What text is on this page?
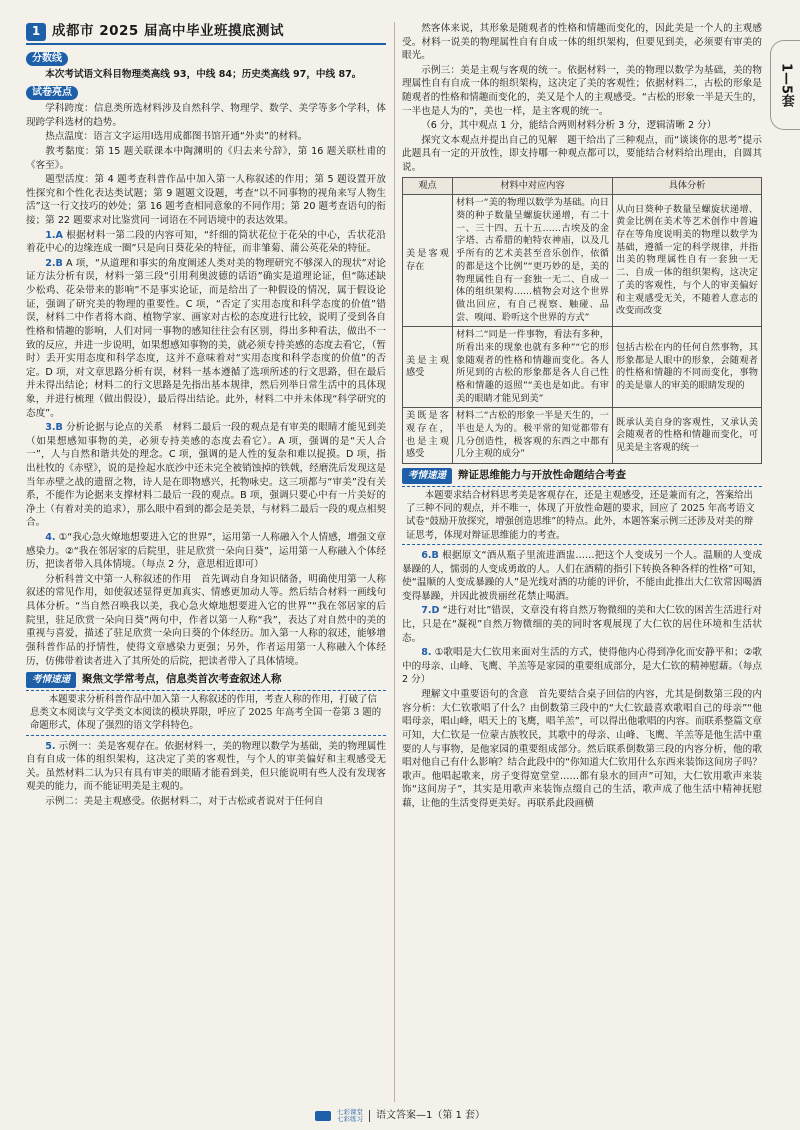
1 成都市 2025 届高中毕业班摸底测试
分数线

本次考试语文科目物理类高线 93，中线 84；历史类高线 97，中线 87。

试卷亮点

学科跨度：信息类所选材料涉及自然科学、物理学、数学、美学等多个学科，体现跨学科选材的趋势。

热点温度：语言文字运用Ⅰ选用成都图书馆开通“外卖”的材料。

教考黏度：第 15 题关联课本中陶渊明的《归去来兮辞》，第 16 题关联杜甫的《客至》。

题型活度：第 4 题考查科普作品中加入第一人称叙述的作用；第 5 题设置开放性探究和个性化表达类试题；第 9 题题文设题，考查“以不同事物的视角来写人物生活”这一行文技巧的妙处；第 16 题考查相同意象的不同作用；第 20 题考查语句的衔接；第 22 题要求对比鉴赏同一词语在不同语境中的表达效果。

1.A 根据材料一第二段的内容可知，“纤细的筒状花位于花朵的中心，舌状花沿着花中心的边缘连成一圈”只是向日葵花朵的特征，而非雏菊、蒲公英花朵的特征。

2.B A 项，“从道理和事实的角度阐述人类对美的物理研究不够深入的现状”对论证方法分析有误，材料一第三段“引用利奥波德的话语”确实是道理论证，但“陈述缺少松鸡、花朵带来的影响”不是事实论证，而是给出了一种假设的情况，属于假设论证，强调了研究美的物理的重要性。C 项，“否定了实用态度和科学态度的价值”错误，材料二中作者将木商、植物学家、画家对古松的态度进行比较，说明了受到各自性格和情趣的影响，人们对同一事物的感知往往会有区别，得出多种看法，做出不一致的反应，并进一步说明，如果想感知事物的美，就必须专持美感的态度去看它，（暂时）丢开实用态度和科学态度，这并不意味着对“实用态度和科学态度的价值”的否定。D 项，对文章思路分析有误，材料一基本遵循了选项所述的行文思路，但在最后并未得出结论；材料二的行文思路是先指出基本规律，然后列举日常生活中的具体现象，并进行梳理（做出假设），最后得出结论。此外，材料二中并未体现“科学研究的态度”。

3.B 分析论据与论点的关系　材料二最后一段的观点是有审美的眼睛才能见到美（如果想感知事物的美，必须专持美感的态度去看它）。A 项，强调的是“天人合一”，人与自然和谐共处的理念。C 项，强调的是人性的复杂和难以捉摸。D 项，指出杜牧的《赤壁》，说的是捡起水底沙中还未完全被销蚀掉的铁戟，经磨洗后发现这是当年赤壁之战的遗留之物，诗人是在即物感兴，托物咏史。这三项都与“审美”没有关系，不能作为论据来支撑材料二最后一段的观点。B 项，强调只要心中有一片美好的净土（有着对美的追求），那么眼中看到的都会是美景，与材料二最后一段的观点相契合。

4. ①“我心急火燎地想要进入它的世界”，运用第一人称融入个人情感，增强文章感染力。②“我在邻居家的后院里，驻足欣赏一朵向日葵”，运用第一人称融入个体经历，把读者带入具体情境。（每点 2 分，意思相近即可）

分析科普文中第一人称叙述的作用　首先调动自身知识储备，明确使用第一人称叙述的常见作用，如使叙述显得更加真实、情感更加动人等。然后结合材料一画线句具体分析。“当自然召唤我以美，我心急火燎地想要进入它的世界”“我在邻居家的后院里，驻足欣赏一朵向日葵”两句中，作者以第一人称“我”，表达了对自然中的美的重视与喜爱，描述了驻足欣赏一朵向日葵的个体经历。加入第一人称的叙述，能够增强科普作品的抒情性，使得文章感染力更强；另外，作者运用第一人称融入个体经历，仿佛带着读者进入了其所处的后院，把读者带入了具体情境。

考情速递	聚焦文学常考点，信息类首次考查叙述人称
本题要求分析科普作品中加入第一人称叙述的作用，考查人称的作用，打破了信息类文本阅读与文学类文本阅读的模块界限，呼应了 2025 年高考全国一卷第 3 题的命题形式，体现了强烈的语文学科特色。

5. 示例一：美是客观存在。依据材料一，美的物理以数学为基础，美的物理属性自有自成一体的组织架构，这决定了美的客观性，与个人的审美偏好和主观感受无关。虽然材料二认为只有具有审美的眼睛才能看到美，但只能说明有些人没有发现客观美的能力，而不能证明美是主观的。

示例二：美是主观感受。依据材料二，对于古松或者说对于任何自

然客体来说，其形象是随观者的性格和情趣而变化的，因此美是一个人的主观感受。材料一说美的物理属性自有自成一体的组织架构，但要见到美，必须要有审美的眼光。

示例三：美是主观与客观的统一。依据材料一，美的物理以数学为基础，美的物理属性自有自成一体的组织架构，这决定了美的客观性；依据材料二，古松的形象是随观者的性格和情趣而变化的，美又是个人的主观感受。“古松的形象一半是天生的，一半也是人为的”，美也一样，是主客观的统一。

（6 分，其中观点 1 分，能结合两则材料分析 3 分，逻辑清晰 2 分）

探究文本观点并提出自己的见解　题干给出了三种观点，而“谈谈你的思考”提示此题具有一定的开放性，即支持哪一种观点都可以，要能结合材料给出理由，自圆其说。

观点	材料中对应内容	具体分析
美是客观存在	材料一“美的物理以数学为基础。向日葵的种子数量呈螺旋状递增，有二十一、三十四、五十五……古埃及的金字塔、古希腊的帕特农神庙，以及几乎所有的艺术美甚至音乐创作，依循的都是这个比例”“更巧妙的是，美的物理属性自有一套独一无二、自成一体的组织架构……植物会对这个世界做出回应，有自己视察、触碰、品尝、嗅闻、聆听这个世界的方式”	从向日葵种子数量呈螺旋状递增、黄金比例在美术等艺术创作中普遍存在等角度说明美的物理以数学为基础，遵循一定的科学规律，并指出美的物理属性自有一套独一无二、自成一体的组织架构，这决定了美的客观性，与个人的审美偏好和主观感受无关，不随着人意志的改变而改变
美是主观感受	材料二“同是一件事物，看法有多种，所看出来的现象也就有多种”“它的形象随观者的性格和情趣而变化。各人所见到的古松的形象都是各人自己性格和情趣的返照”“美也是如此。有审美的眼睛才能见到美”	包括古松在内的任何自然事物，其形象都是人眼中的形象，会随观者的性格和情趣的不同而变化，事物的美是靠人的审美的眼睛发现的
美既是客观存在，也是主观感受	材料二“古松的形象一半是天生的，一半也是人为的。极平常的知觉都带有几分创造性，极客观的东西之中都有几分主观的成分”	既承认美自身的客观性，又承认美会随观者的性格和情趣而变化，可见美是主客观的统一
考情速递	辩证思维能力与开放性命题结合考查
本题要求结合材料思考美是客观存在，还是主观感受，还是兼而有之，答案给出了三种不同的观点，并不唯一，体现了开放性命题的要求，回应了 2025 年高考语文试卷“鼓励开放探究，增强创造思维”的特点。此外，本题答案示例三还涉及对美的辩证思考，体现对辩证思维能力的考查。

6.B 根据原文“酒从瓶子里流进酒盅……把这个人变成另一个人。温顺的人变成暴躁的人，懦弱的人变成勇敢的人。人们在酒精的指引下转换各种各样的性格”可知，使“温顺的人变成暴躁的人”是光线对酒的功能的评价，不能由此推出大仁钦常因喝酒变得暴躁，并因此被贵丽丝花禁止喝酒。

7.D “进行对比”错误，文章没有将自然万物微细的美和大仁钦的困苦生活进行对比，只是在“凝视”自然万物微细的美的同时客观展现了大仁钦的居住环境和生活状态。

8. ①歌唱是大仁钦用来面对生活的方式，使得他内心得到净化而安静平和；②歌中的母亲、山峰、飞鹰、羊羔等是家园的重要组成部分，是大仁钦的精神慰藉。（每点 2 分）

理解文中重要语句的含意　首先要结合桌子回信的内容，尤其是倒数第三段的内容分析：大仁钦歌唱了什么？由倒数第三段中的“大仁钦最喜欢歌唱自己的母亲”“他唱母亲，唱山峰，唱天上的飞鹰，唱羊羔”，可以得出他歌唱的内容。而联系整篇文章可知，大仁钦是一位蒙古族牧民，其歌中的母亲、山峰、飞鹰、羊羔等是他生活中重要的人与事物，是他家园的重要组成部分。然后联系倒数第三段的内容分析，他的歌唱对他自己有什么影响？结合此段中的“你知道大仁钦用什么东西来装饰这间房子吗？歌声。他唱起歌来，房子变得宽堂堂……都有泉水的回声”可知，大仁钦用歌声来装饰“这间房子”，其实是用歌声来装饰点缀自己的生活，歌声成了他生活中精神抚慰藉，让他的生活变得更美好。再联系此段画横

1—5套
七彩课堂
七彩练习 语文答案—1（第 1 套）
